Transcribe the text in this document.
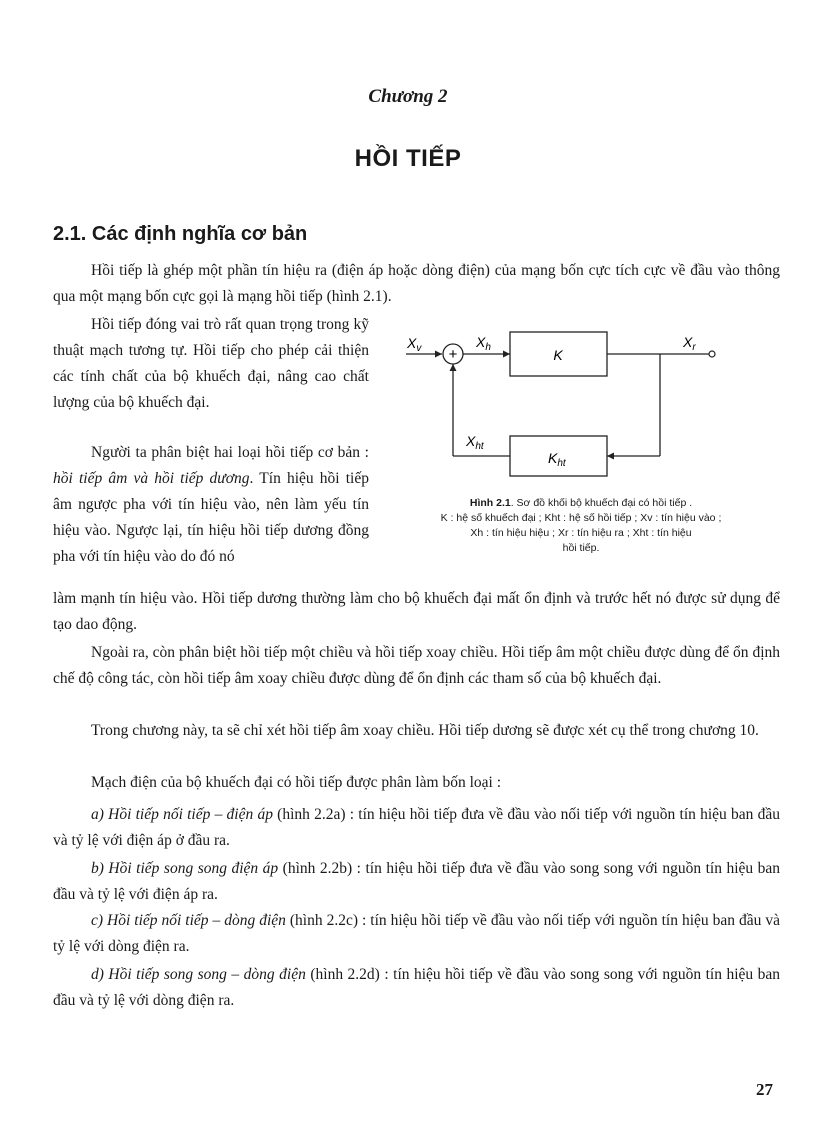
Chương 2
HỒI TIẾP
2.1. Các định nghĩa cơ bản
Hồi tiếp là ghép một phần tín hiệu ra (điện áp hoặc dòng điện) của mạng bốn cực tích cực về đầu vào thông qua một mạng bốn cực gọi là mạng hồi tiếp (hình 2.1).
Hồi tiếp đóng vai trò rất quan trọng trong kỹ thuật mạch tương tự. Hồi tiếp cho phép cải thiện các tính chất của bộ khuếch đại, nâng cao chất lượng của bộ khuếch đại.
Người ta phân biệt hai loại hồi tiếp cơ bản : hồi tiếp âm và hồi tiếp dương. Tín hiệu hồi tiếp âm ngược pha với tín hiệu vào, nên làm yếu tín hiệu vào. Ngược lại, tín hiệu hồi tiếp dương đồng pha với tín hiệu vào do đó nó
làm mạnh tín hiệu vào. Hồi tiếp dương thường làm cho bộ khuếch đại mất ổn định và trước hết nó được sử dụng để tạo dao động.
+	K
$K_{ht}$
$X_v$	$X_h$	$X_r$
$X_{ht}$
Hình 2.1. Sơ đồ khối bộ khuếch đại có hồi tiếp .
K : hệ số khuếch đại ; Kht : hệ số hồi tiếp ; Xv : tín hiệu vào ;
Xh : tín hiệu hiệu ; Xr : tín hiệu ra ; Xht : tín hiệu
hồi tiếp.
Ngoài ra, còn phân biệt hồi tiếp một chiều và hồi tiếp xoay chiều. Hồi tiếp âm một chiều được dùng để ổn định chế độ công tác, còn hồi tiếp âm xoay chiều được dùng để ổn định các tham số của bộ khuếch đại.
Trong chương này, ta sẽ chỉ xét hồi tiếp âm xoay chiều. Hồi tiếp dương sẽ được xét cụ thể trong chương 10.
Mạch điện của bộ khuếch đại có hồi tiếp được phân làm bốn loại :
a) Hồi tiếp nối tiếp – điện áp (hình 2.2a) : tín hiệu hồi tiếp đưa về đầu vào nối tiếp với nguồn tín hiệu ban đầu và tỷ lệ với điện áp ở đầu ra.
b) Hồi tiếp song song điện áp (hình 2.2b) : tín hiệu hồi tiếp đưa về đầu vào song song với nguồn tín hiệu ban đầu và tỷ lệ với điện áp ra.
c) Hồi tiếp nối tiếp – dòng điện (hình 2.2c) : tín hiệu hồi tiếp về đầu vào nối tiếp với nguồn tín hiệu ban đầu và tỷ lệ với dòng điện ra.
d) Hồi tiếp song song – dòng điện (hình 2.2d) : tín hiệu hồi tiếp về đầu vào song song với nguồn tín hiệu ban đầu và tỷ lệ với dòng điện ra.
27
